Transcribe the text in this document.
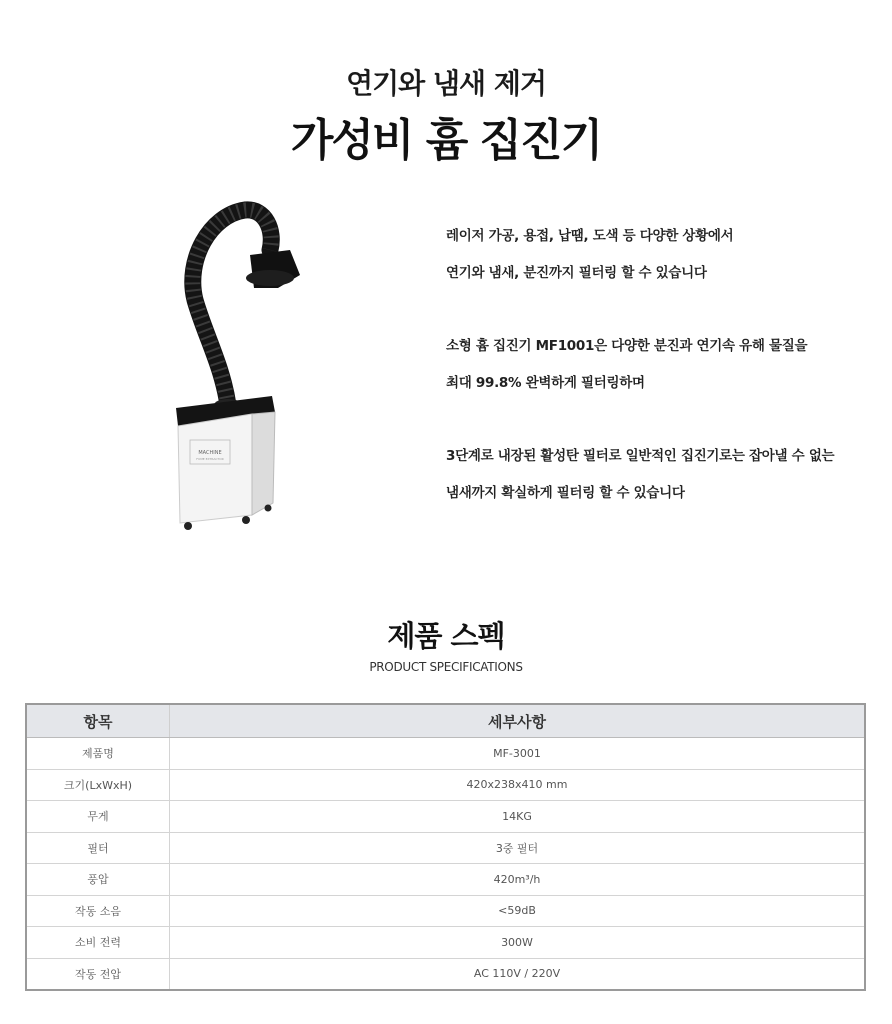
연기와 냄새 제거
가성비 흄 집진기
MACHINE
FUME EXTRACTOR

레이저 가공, 용접, 납땜, 도색 등 다양한 상황에서

연기와 냄새, 분진까지 필터링 할 수 있습니다

소형 흄 집진기 MF1001은 다양한 분진과 연기속 유해 물질을

최대 99.8% 완벽하게 필터링하며

3단계로 내장된 활성탄 필터로 일반적인 집진기로는 잡아낼 수 없는

냄새까지 확실하게 필터링 할 수 있습니다

제품 스펙
PRODUCT SPECIFICATIONS
항목	세부사항
제품명	MF-3001
크기(LxWxH)	420x238x410 mm
무게	14KG
필터	3중 필터
풍압	420m³/h
작동 소음	<59dB
소비 전력	300W
작동 전압	AC 110V / 220V
